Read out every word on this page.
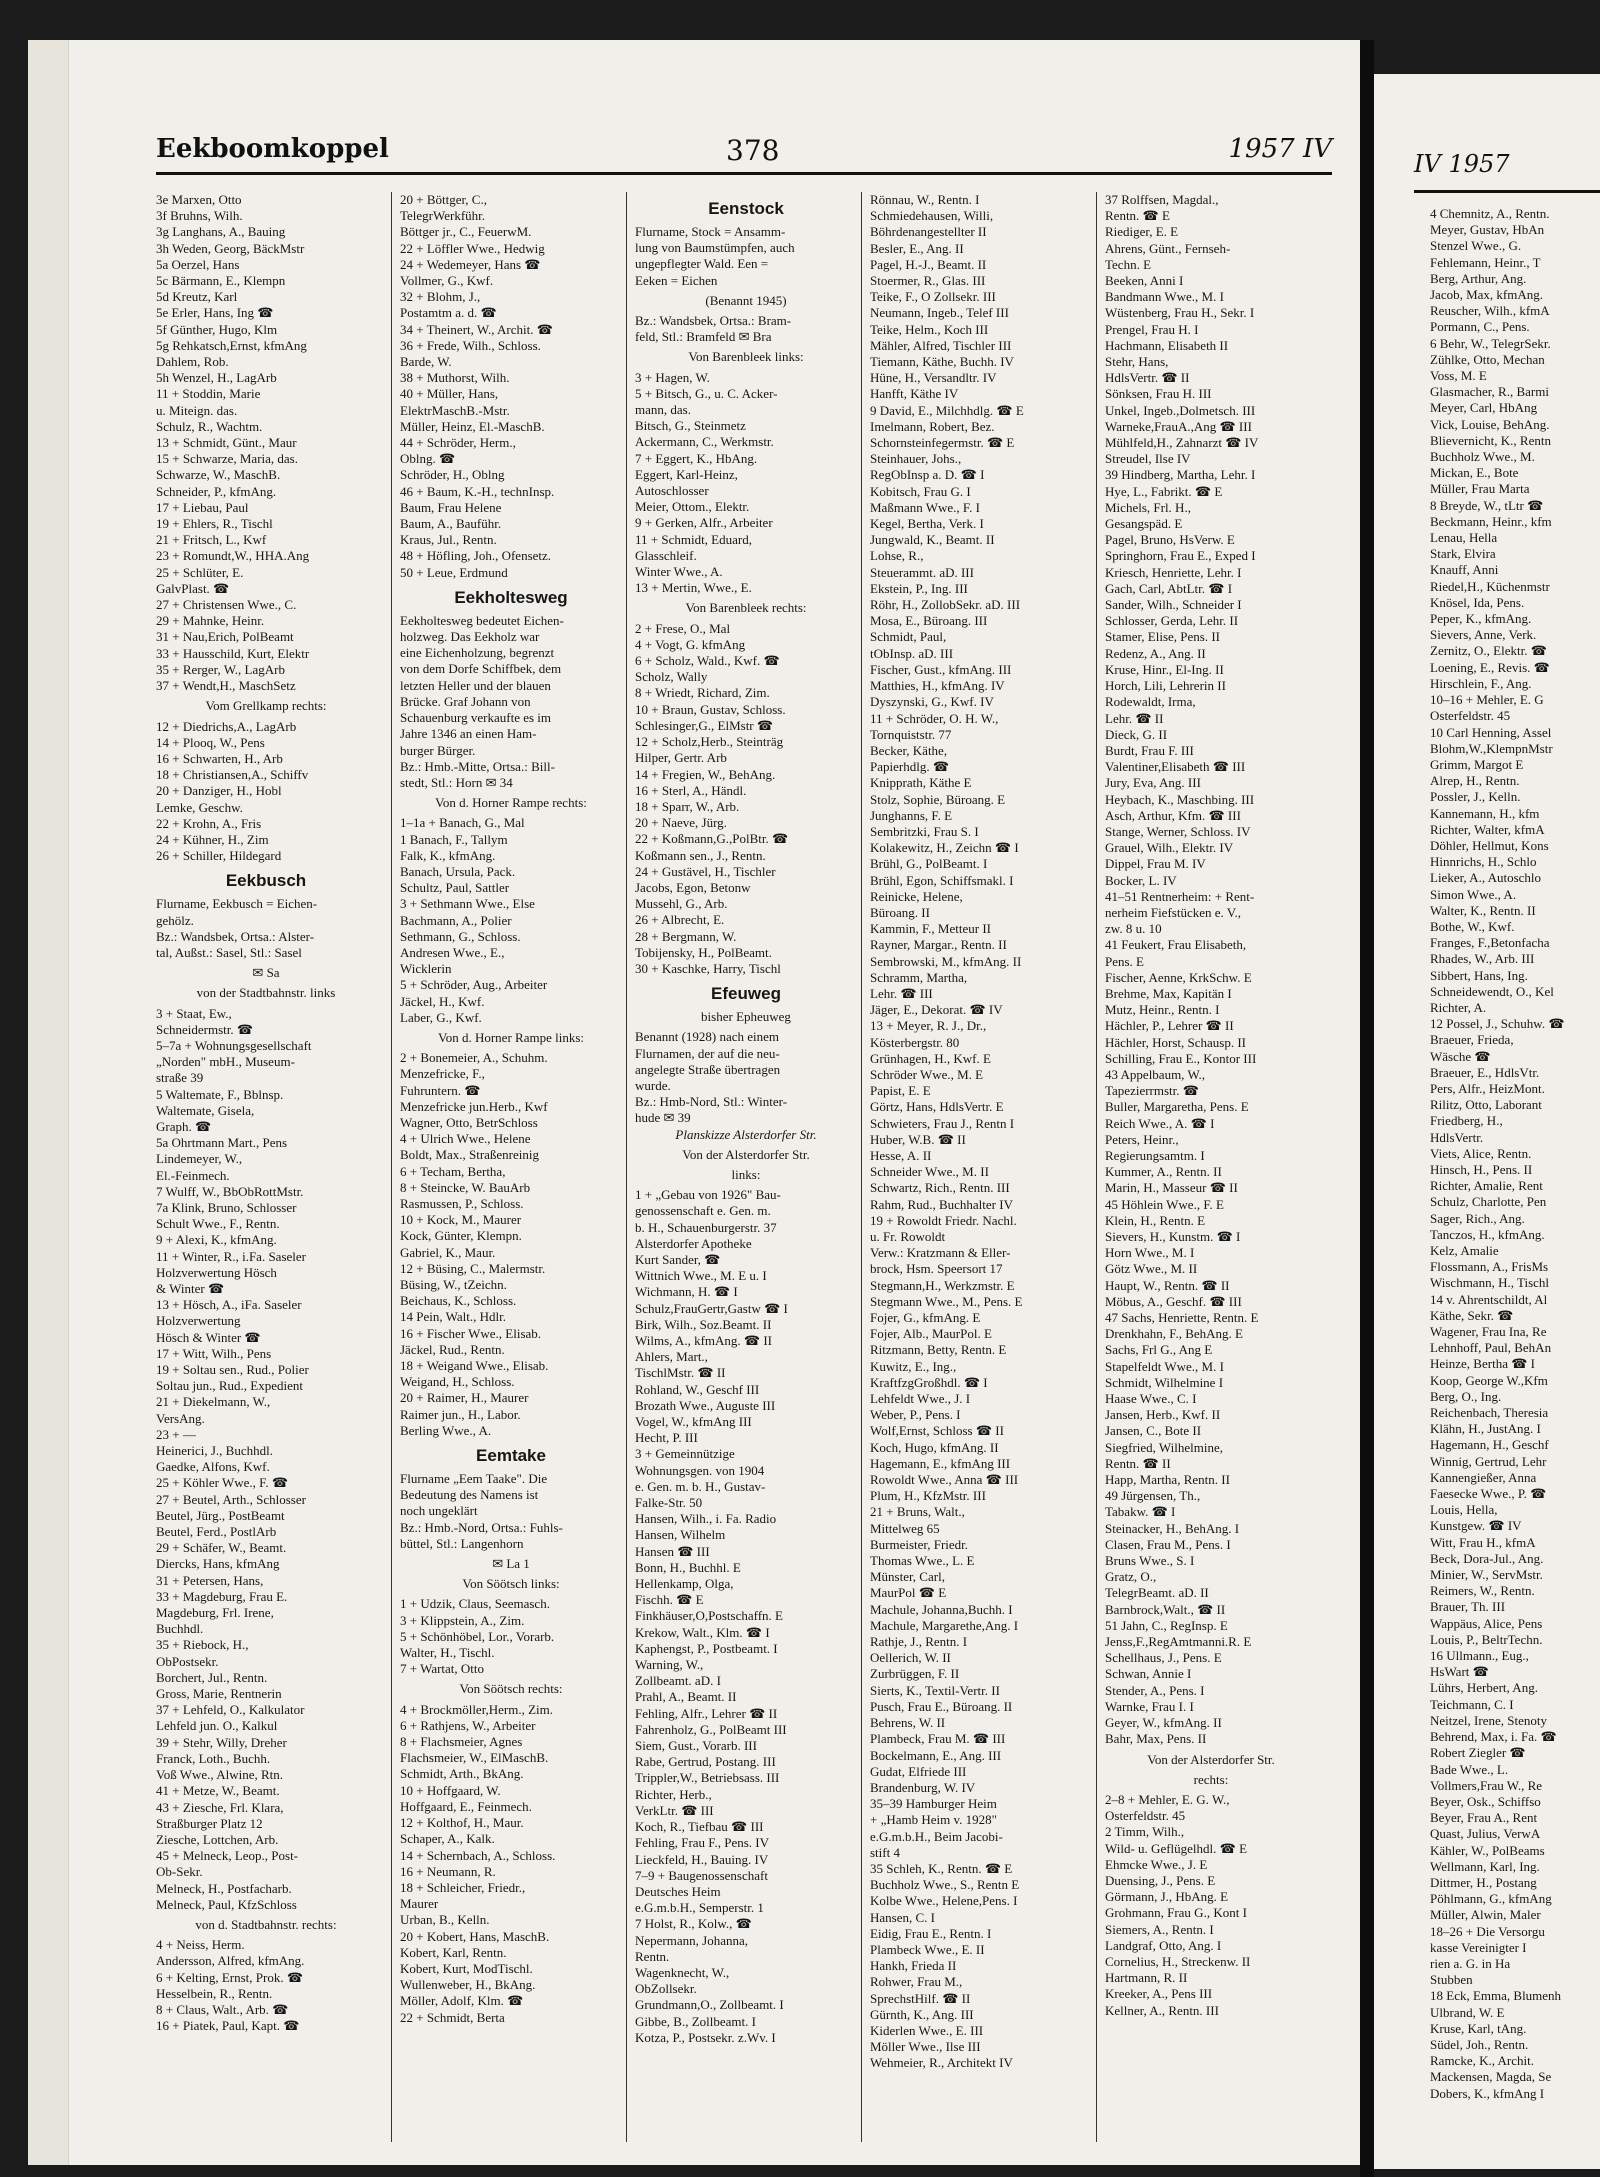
Eekboomkoppel	378	1957 IV
3e Marxen, Otto
3f Bruhns, Wilh.
3g Langhans, A., Bauing
3h Weden, Georg, BäckMstr
5a Oerzel, Hans
5c Bärmann, E., Klempn
5d Kreutz, Karl
5e Erler, Hans, Ing ☎
5f Günther, Hugo, Klm
5g Rehkatsch,Ernst, kfmAng
Dahlem, Rob.
5h Wenzel, H., LagArb
11 + Stoddin, Marie
u. Miteign. das.
Schulz, R., Wachtm.
13 + Schmidt, Günt., Maur
15 + Schwarze, Maria, das.
Schwarze, W., MaschB.
Schneider, P., kfmAng.
17 + Liebau, Paul
19 + Ehlers, R., Tischl
21 + Fritsch, L., Kwf
23 + Romundt,W., HHA.Ang
25 + Schlüter, E.
GalvPlast. ☎
27 + Christensen Wwe., C.
29 + Mahnke, Heinr.
31 + Nau,Erich, PolBeamt
33 + Hausschild, Kurt, Elektr
35 + Rerger, W., LagArb
37 + Wendt,H., MaschSetz
Vom Grellkamp rechts:
12 + Diedrichs,A., LagArb
14 + Plooq, W., Pens
16 + Schwarten, H., Arb
18 + Christiansen,A., Schiffv
20 + Danziger, H., Hobl
Lemke, Geschw.
22 + Krohn, A., Fris
24 + Kühner, H., Zim
26 + Schiller, Hildegard
Eekbusch
Flurname, Eekbusch = Eichen-
gehölz.
Bz.: Wandsbek, Ortsa.: Alster-
tal, Außst.: Sasel, Stl.: Sasel
✉ Sa
von der Stadtbahnstr. links
3 + Staat, Ew.,
Schneidermstr. ☎
5–7a + Wohnungsgesellschaft
„Norden" mbH., Museum-
straße 39
5 Waltemate, F., Bblnsp.
Waltemate, Gisela,
Graph. ☎
5a Ohrtmann Mart., Pens
Lindemeyer, W.,
El.-Feinmech.
7 Wulff, W., BbObRottMstr.
7a Klink, Bruno, Schlosser
Schult Wwe., F., Rentn.
9 + Alexi, K., kfmAng.
11 + Winter, R., i.Fa. Saseler
Holzverwertung Hösch
& Winter ☎
13 + Hösch, A., iFa. Saseler
Holzverwertung
Hösch & Winter ☎
17 + Witt, Wilh., Pens
19 + Soltau sen., Rud., Polier
Soltau jun., Rud., Expedient
21 + Diekelmann, W.,
VersAng.
23 + —
Heinerici, J., Buchhdl.
Gaedke, Alfons, Kwf.
25 + Köhler Wwe., F. ☎
27 + Beutel, Arth., Schlosser
Beutel, Jürg., PostBeamt
Beutel, Ferd., PostlArb
29 + Schäfer, W., Beamt.
Diercks, Hans, kfmAng
31 + Petersen, Hans,
33 + Magdeburg, Frau E.
Magdeburg, Frl. Irene,
Buchhdl.
35 + Riebock, H.,
ObPostsekr.
Borchert, Jul., Rentn.
Gross, Marie, Rentnerin
37 + Lehfeld, O., Kalkulator
Lehfeld jun. O., Kalkul
39 + Stehr, Willy, Dreher
Franck, Loth., Buchh.
Voß Wwe., Alwine, Rtn.
41 + Metze, W., Beamt.
43 + Ziesche, Frl. Klara,
Straßburger Platz 12
Ziesche, Lottchen, Arb.
45 + Melneck, Leop., Post-
Ob-Sekr.
Melneck, H., Postfacharb.
Melneck, Paul, KfzSchloss
von d. Stadtbahnstr. rechts:
4 + Neiss, Herm.
Andersson, Alfred, kfmAng.
6 + Kelting, Ernst, Prok. ☎
Hesselbein, R., Rentn.
8 + Claus, Walt., Arb. ☎
16 + Piatek, Paul, Kapt. ☎
20 + Böttger, C.,
TelegrWerkführ.
Böttger jr., C., FeuerwM.
22 + Löffler Wwe., Hedwig
24 + Wedemeyer, Hans ☎
Vollmer, G., Kwf.
32 + Blohm, J.,
Postamtm a. d. ☎
34 + Theinert, W., Archit. ☎
36 + Frede, Wilh., Schloss.
Barde, W.
38 + Muthorst, Wilh.
40 + Müller, Hans,
ElektrMaschB.-Mstr.
Müller, Heinz, El.-MaschB.
44 + Schröder, Herm.,
Oblng. ☎
Schröder, H., Oblng
46 + Baum, K.-H., technInsp.
Baum, Frau Helene
Baum, A., Bauführ.
Kraus, Jul., Rentn.
48 + Höfling, Joh., Ofensetz.
50 + Leue, Erdmund
Eekholtesweg
Eekholtesweg bedeutet Eichen-
holzweg. Das Eekholz war
eine Eichenholzung, begrenzt
von dem Dorfe Schiffbek, dem
letzten Heller und der blauen
Brücke. Graf Johann von
Schauenburg verkaufte es im
Jahre 1346 an einen Ham-
burger Bürger.
Bz.: Hmb.-Mitte, Ortsa.: Bill-
stedt, Stl.: Horn ✉ 34
Von d. Horner Rampe rechts:
1–1a + Banach, G., Mal
1 Banach, F., Tallym
Falk, K., kfmAng.
Banach, Ursula, Pack.
Schultz, Paul, Sattler
3 + Sethmann Wwe., Else
Bachmann, A., Polier
Sethmann, G., Schloss.
Andresen Wwe., E.,
Wicklerin
5 + Schröder, Aug., Arbeiter
Jäckel, H., Kwf.
Laber, G., Kwf.
Von d. Horner Rampe links:
2 + Bonemeier, A., Schuhm.
Menzefricke, F.,
Fuhruntern. ☎
Menzefricke jun.Herb., Kwf
Wagner, Otto, BetrSchloss
4 + Ulrich Wwe., Helene
Boldt, Max., Straßenreinig
6 + Techam, Bertha,
8 + Steincke, W. BauArb
Rasmussen, P., Schloss.
10 + Kock, M., Maurer
Kock, Günter, Klempn.
Gabriel, K., Maur.
12 + Büsing, C., Malermstr.
Büsing, W., tZeichn.
Beichaus, K., Schloss.
14 Pein, Walt., Hdlr.
16 + Fischer Wwe., Elisab.
Jäckel, Rud., Rentn.
18 + Weigand Wwe., Elisab.
Weigand, H., Schloss.
20 + Raimer, H., Maurer
Raimer jun., H., Labor.
Berling Wwe., A.
Eemtake
Flurname „Eem Taake". Die
Bedeutung des Namens ist
noch ungeklärt
Bz.: Hmb.-Nord, Ortsa.: Fuhls-
büttel, Stl.: Langenhorn
✉ La 1
Von Söötsch links:
1 + Udzik, Claus, Seemasch.
3 + Klippstein, A., Zim.
5 + Schönhöbel, Lor., Vorarb.
Walter, H., Tischl.
7 + Wartat, Otto
Von Söötsch rechts:
4 + Brockmöller,Herm., Zim.
6 + Rathjens, W., Arbeiter
8 + Flachsmeier, Agnes
Flachsmeier, W., ElMaschB.
Schmidt, Arth., BkAng.
10 + Hoffgaard, W.
Hoffgaard, E., Feinmech.
12 + Kolthof, H., Maur.
Schaper, A., Kalk.
14 + Schernbach, A., Schloss.
16 + Neumann, R.
18 + Schleicher, Friedr.,
Maurer
Urban, B., Kelln.
20 + Kobert, Hans, MaschB.
Kobert, Karl, Rentn.
Kobert, Kurt, ModTischl.
Wullenweber, H., BkAng.
Möller, Adolf, Klm. ☎
22 + Schmidt, Berta
Eenstock
Flurname, Stock = Ansamm-
lung von Baumstümpfen, auch
ungepflegter Wald. Een =
Eeken = Eichen
(Benannt 1945)
Bz.: Wandsbek, Ortsa.: Bram-
feld, Stl.: Bramfeld ✉ Bra
Von Barenbleek links:
3 + Hagen, W.
5 + Bitsch, G., u. C. Acker-
mann, das.
Bitsch, G., Steinmetz
Ackermann, C., Werkmstr.
7 + Eggert, K., HbAng.
Eggert, Karl-Heinz,
Autoschlosser
Meier, Ottom., Elektr.
9 + Gerken, Alfr., Arbeiter
11 + Schmidt, Eduard,
Glasschleif.
Winter Wwe., A.
13 + Mertin, Wwe., E.
Von Barenbleek rechts:
2 + Frese, O., Mal
4 + Vogt, G. kfmAng
6 + Scholz, Wald., Kwf. ☎
Scholz, Wally
8 + Wriedt, Richard, Zim.
10 + Braun, Gustav, Schloss.
Schlesinger,G., ElMstr ☎
12 + Scholz,Herb., Steinträg
Hilper, Gertr. Arb
14 + Fregien, W., BehAng.
16 + Sterl, A., Händl.
18 + Sparr, W., Arb.
20 + Naeve, Jürg.
22 + Koßmann,G.,PolBtr. ☎
Koßmann sen., J., Rentn.
24 + Gustävel, H., Tischler
Jacobs, Egon, Betonw
Mussehl, G., Arb.
26 + Albrecht, E.
28 + Bergmann, W.
Tobijensky, H., PolBeamt.
30 + Kaschke, Harry, Tischl
Efeuweg
bisher Epheuweg
Benannt (1928) nach einem
Flurnamen, der auf die neu-
angelegte Straße übertragen
wurde.
Bz.: Hmb-Nord, Stl.: Winter-
hude ✉ 39
Planskizze Alsterdorfer Str.
Von der Alsterdorfer Str.
links:
1 + „Gebau von 1926" Bau-
genossenschaft e. Gen. m.
b. H., Schauenburgerstr. 37
Alsterdorfer Apotheke
Kurt Sander, ☎
Wittnich Wwe., M. E u. I
Wichmann, H. ☎ I
Schulz,FrauGertr,Gastw ☎ I
Birk, Wilh., Soz.Beamt. II
Wilms, A., kfmAng. ☎ II
Ahlers, Mart.,
TischlMstr. ☎ II
Rohland, W., Geschf III
Brozath Wwe., Auguste III
Vogel, W., kfmAng III
Hecht, P. III
3 + Gemeinnützige
Wohnungsgen. von 1904
e. Gen. m. b. H., Gustav-
Falke-Str. 50
Hansen, Wilh., i. Fa. Radio
Hansen, Wilhelm
Hansen ☎ III
Bonn, H., Buchhl. E
Hellenkamp, Olga,
Fischh. ☎ E
Finkhäuser,O,Postschaffn. E
Krekow, Walt., Klm. ☎ I
Kaphengst, P., Postbeamt. I
Warning, W.,
Zollbeamt. aD. I
Prahl, A., Beamt. II
Fehling, Alfr., Lehrer ☎ II
Fahrenholz, G., PolBeamt III
Siem, Gust., Vorarb. III
Rabe, Gertrud, Postang. III
Trippler,W., Betriebsass. III
Richter, Herb.,
VerkLtr. ☎ III
Koch, R., Tiefbau ☎ III
Fehling, Frau F., Pens. IV
Lieckfeld, H., Bauing. IV
7–9 + Baugenossenschaft
Deutsches Heim
e.G.m.b.H., Semperstr. 1
7 Holst, R., Kolw., ☎
Nepermann, Johanna,
Rentn.
Wagenknecht, W.,
ObZollsekr.
Grundmann,O., Zollbeamt. I
Gibbe, B., Zollbeamt. I
Kotza, P., Postsekr. z.Wv. I
Rönnau, W., Rentn. I
Schmiedehausen, Willi,
Böhrdenangestellter II
Besler, E., Ang. II
Pagel, H.-J., Beamt. II
Stoermer, R., Glas. III
Teike, F., O Zollsekr. III
Neumann, Ingeb., Telef III
Teike, Helm., Koch III
Mähler, Alfred, Tischler III
Tiemann, Käthe, Buchh. IV
Hüne, H., Versandltr. IV
Hanfft, Käthe IV
9 David, E., Milchhdlg. ☎ E
Imelmann, Robert, Bez.
Schornsteinfegermstr. ☎ E
Steinhauer, Johs.,
RegObInsp a. D. ☎ I
Kobitsch, Frau G. I
Maßmann Wwe., F. I
Kegel, Bertha, Verk. I
Jungwald, K., Beamt. II
Lohse, R.,
Steuerammt. aD. III
Ekstein, P., Ing. III
Röhr, H., ZollobSekr. aD. III
Mosa, E., Büroang. III
Schmidt, Paul,
tObInsp. aD. III
Fischer, Gust., kfmAng. III
Matthies, H., kfmAng. IV
Dyszynski, G., Kwf. IV
11 + Schröder, O. H. W.,
Tornquiststr. 77
Becker, Käthe,
Papierhdlg. ☎
Knipprath, Käthe E
Stolz, Sophie, Büroang. E
Junghanns, F. E
Sembritzki, Frau S. I
Kolakewitz, H., Zeichn ☎ I
Brühl, G., PolBeamt. I
Brühl, Egon, Schiffsmakl. I
Reinicke, Helene,
Büroang. II
Kammin, F., Metteur II
Rayner, Margar., Rentn. II
Sembrowski, M., kfmAng. II
Schramm, Martha,
Lehr. ☎ III
Jäger, E., Dekorat. ☎ IV
13 + Meyer, R. J., Dr.,
Kösterbergstr. 80
Grünhagen, H., Kwf. E
Schröder Wwe., M. E
Papist, E. E
Görtz, Hans, HdlsVertr. E
Schwieters, Frau J., Rentn I
Huber, W.B. ☎ II
Hesse, A. II
Schneider Wwe., M. II
Schwartz, Rich., Rentn. III
Rahm, Rud., Buchhalter IV
19 + Rowoldt Friedr. Nachl.
u. Fr. Rowoldt
Verw.: Kratzmann & Eller-
brock, Hsm. Speersort 17
Stegmann,H., Werkzmstr. E
Stegmann Wwe., M., Pens. E
Fojer, G., kfmAng. E
Fojer, Alb., MaurPol. E
Ritzmann, Betty, Rentn. E
Kuwitz, E., Ing.,
KraftfzgGroßhdl. ☎ I
Lehfeldt Wwe., J. I
Weber, P., Pens. I
Wolf,Ernst, Schloss ☎ II
Koch, Hugo, kfmAng. II
Hagemann, E., kfmAng III
Rowoldt Wwe., Anna ☎ III
Plum, H., KfzMstr. III
21 + Bruns, Walt.,
Mittelweg 65
Burmeister, Friedr.
Thomas Wwe., L. E
Münster, Carl,
MaurPol ☎ E
Machule, Johanna,Buchh. I
Machule, Margarethe,Ang. I
Rathje, J., Rentn. I
Oellerich, W. II
Zurbrüggen, F. II
Sierts, K., Textil-Vertr. II
Pusch, Frau E., Büroang. II
Behrens, W. II
Plambeck, Frau M. ☎ III
Bockelmann, E., Ang. III
Gudat, Elfriede III
Brandenburg, W. IV
35–39 Hamburger Heim
+ „Hamb Heim v. 1928"
e.G.m.b.H., Beim Jacobi-
stift 4
35 Schleh, K., Rentn. ☎ E
Buchholz Wwe., S., Rentn E
Kolbe Wwe., Helene,Pens. I
Hansen, C. I
Eidig, Frau E., Rentn. I
Plambeck Wwe., E. II
Hankh, Frieda II
Rohwer, Frau M.,
SprechstHilf. ☎ II
Gürnth, K., Ang. III
Kiderlen Wwe., E. III
Möller Wwe., Ilse III
Wehmeier, R., Architekt IV
37 Rolffsen, Magdal.,
Rentn. ☎ E
Riediger, E. E
Ahrens, Günt., Fernseh-
Techn. E
Beeken, Anni I
Bandmann Wwe., M. I
Wüstenberg, Frau H., Sekr. I
Prengel, Frau H. I
Hachmann, Elisabeth II
Stehr, Hans,
HdlsVertr. ☎ II
Sönksen, Frau H. III
Unkel, Ingeb.,Dolmetsch. III
Warneke,FrauA.,Ang ☎ III
Mühlfeld,H., Zahnarzt ☎ IV
Streudel, Ilse IV
39 Hindberg, Martha, Lehr. I
Hye, L., Fabrikt. ☎ E
Michels, Frl. H.,
Gesangspäd. E
Pagel, Bruno, HsVerw. E
Springhorn, Frau E., Exped I
Kriesch, Henriette, Lehr. I
Gach, Carl, AbtLtr. ☎ I
Sander, Wilh., Schneider I
Schlosser, Gerda, Lehr. II
Stamer, Elise, Pens. II
Redenz, A., Ang. II
Kruse, Hinr., El-Ing. II
Horch, Lili, Lehrerin II
Rodewaldt, Irma,
Lehr. ☎ II
Dieck, G. II
Burdt, Frau F. III
Valentiner,Elisabeth ☎ III
Jury, Eva, Ang. III
Heybach, K., Maschbing. III
Asch, Arthur, Kfm. ☎ III
Stange, Werner, Schloss. IV
Grauel, Wilh., Elektr. IV
Dippel, Frau M. IV
Bocker, L. IV
41–51 Rentnerheim: + Rent-
nerheim Fiefstücken e. V.,
zw. 8 u. 10
41 Feukert, Frau Elisabeth,
Pens. E
Fischer, Aenne, KrkSchw. E
Brehme, Max, Kapitän I
Mutz, Heinr., Rentn. I
Hächler, P., Lehrer ☎ II
Hächler, Horst, Schausp. II
Schilling, Frau E., Kontor III
43 Appelbaum, W.,
Tapezierrmstr. ☎
Buller, Margaretha, Pens. E
Reich Wwe., A. ☎ I
Peters, Heinr.,
Regierungsamtm. I
Kummer, A., Rentn. II
Marin, H., Masseur ☎ II
45 Höhlein Wwe., F. E
Klein, H., Rentn. E
Sievers, H., Kunstm. ☎ I
Horn Wwe., M. I
Götz Wwe., M. II
Haupt, W., Rentn. ☎ II
Möbus, A., Geschf. ☎ III
47 Sachs, Henriette, Rentn. E
Drenkhahn, F., BehAng. E
Sachs, Frl G., Ang E
Stapelfeldt Wwe., M. I
Schmidt, Wilhelmine I
Haase Wwe., C. I
Jansen, Herb., Kwf. II
Jansen, C., Bote II
Siegfried, Wilhelmine,
Rentn. ☎ II
Happ, Martha, Rentn. II
49 Jürgensen, Th.,
Tabakw. ☎ I
Steinacker, H., BehAng. I
Clasen, Frau M., Pens. I
Bruns Wwe., S. I
Gratz, O.,
TelegrBeamt. aD. II
Barnbrock,Walt., ☎ II
51 Jahn, C., RegInsp. E
Jenss,F.,RegAmtmanni.R. E
Schellhaus, J., Pens. E
Schwan, Annie I
Stender, A., Pens. I
Warnke, Frau I. I
Geyer, W., kfmAng. II
Bahr, Max, Pens. II
Von der Alsterdorfer Str.
rechts:
2–8 + Mehler, E. G. W.,
Osterfeldstr. 45
2 Timm, Wilh.,
Wild- u. Geflügelhdl. ☎ E
Ehmcke Wwe., J. E
Duensing, J., Pens. E
Görmann, J., HbAng. E
Grohmann, Frau G., Kont I
Siemers, A., Rentn. I
Landgraf, Otto, Ang. I
Cornelius, H., Streckenw. II
Hartmann, R. II
Kreeker, A., Pens III
Kellner, A., Rentn. III
IV 1957
4 Chemnitz, A., Rentn.
Meyer, Gustav, HbAn
Stenzel Wwe., G.
Fehlemann, Heinr., T
Berg, Arthur, Ang.
Jacob, Max, kfmAng.
Reuscher, Wilh., kfmA
Pormann, C., Pens.
6 Behr, W., TelegrSekr.
Zühlke, Otto, Mechan
Voss, M. E
Glasmacher, R., Barmi
Meyer, Carl, HbAng
Vick, Louise, BehAng.
Blievernicht, K., Rentn
Buchholz Wwe., M.
Mickan, E., Bote
Müller, Frau Marta
8 Breyde, W., tLtr ☎
Beckmann, Heinr., kfm
Lenau, Hella
Stark, Elvira
Knauff, Anni
Riedel,H., Küchenmstr
Knösel, Ida, Pens.
Peper, K., kfmAng.
Sievers, Anne, Verk.
Zernitz, O., Elektr. ☎
Loening, E., Revis. ☎
Hirschlein, F., Ang.
10–16 + Mehler, E. G
Osterfeldstr. 45
10 Carl Henning, Assel
Blohm,W.,KlempnMstr
Grimm, Margot E
Alrep, H., Rentn.
Possler, J., Kelln.
Kannemann, H., kfm
Richter, Walter, kfmA
Döhler, Hellmut, Kons
Hinnrichs, H., Schlo
Lieker, A., Autoschlo
Simon Wwe., A.
Walter, K., Rentn. II
Bothe, W., Kwf.
Franges, F.,Betonfacha
Rhades, W., Arb. III
Sibbert, Hans, Ing.
Schneidewendt, O., Kel
Richter, A.
12 Possel, J., Schuhw. ☎
Braeuer, Frieda,
Wäsche ☎
Braeuer, E., HdlsVtr.
Pers, Alfr., HeizMont.
Rilitz, Otto, Laborant
Friedberg, H.,
HdlsVertr.
Viets, Alice, Rentn.
Hinsch, H., Pens. II
Richter, Amalie, Rent
Schulz, Charlotte, Pen
Sager, Rich., Ang.
Tanczos, H., kfmAng.
Kelz, Amalie
Flossmann, A., FrisMs
Wischmann, H., Tischl
14 v. Ahrentschildt, Al
Käthe, Sekr. ☎
Wagener, Frau Ina, Re
Lehnhoff, Paul, BehAn
Heinze, Bertha ☎ I
Koop, George W.,Kfm
Berg, O., Ing.
Reichenbach, Theresia
Klähn, H., JustAng. I
Hagemann, H., Geschf
Winnig, Gertrud, Lehr
Kannengießer, Anna
Faesecke Wwe., P. ☎
Louis, Hella,
Kunstgew. ☎ IV
Witt, Frau H., kfmA
Beck, Dora-Jul., Ang.
Minier, W., ServMstr.
Reimers, W., Rentn.
Brauer, Th. III
Wappäus, Alice, Pens
Louis, P., BeltrTechn.
16 Ullmann., Eug.,
HsWart ☎
Lührs, Herbert, Ang.
Teichmann, C. I
Neitzel, Irene, Stenoty
Behrend, Max, i. Fa. ☎
Robert Ziegler ☎
Bade Wwe., L.
Vollmers,Frau W., Re
Beyer, Osk., Schiffso
Beyer, Frau A., Rent
Quast, Julius, VerwA
Kähler, W., PolBeams
Wellmann, Karl, Ing.
Dittmer, H., Postang
Pöhlmann, G., kfmAng
Müller, Alwin, Maler
18–26 + Die Versorgu
kasse Vereinigter I
rien a. G. in Ha
Stubben
18 Eck, Emma, Blumenh
Ulbrand, W. E
Kruse, Karl, tAng.
Südel, Joh., Rentn.
Ramcke, K., Archit.
Mackensen, Magda, Se
Dobers, K., kfmAng I
